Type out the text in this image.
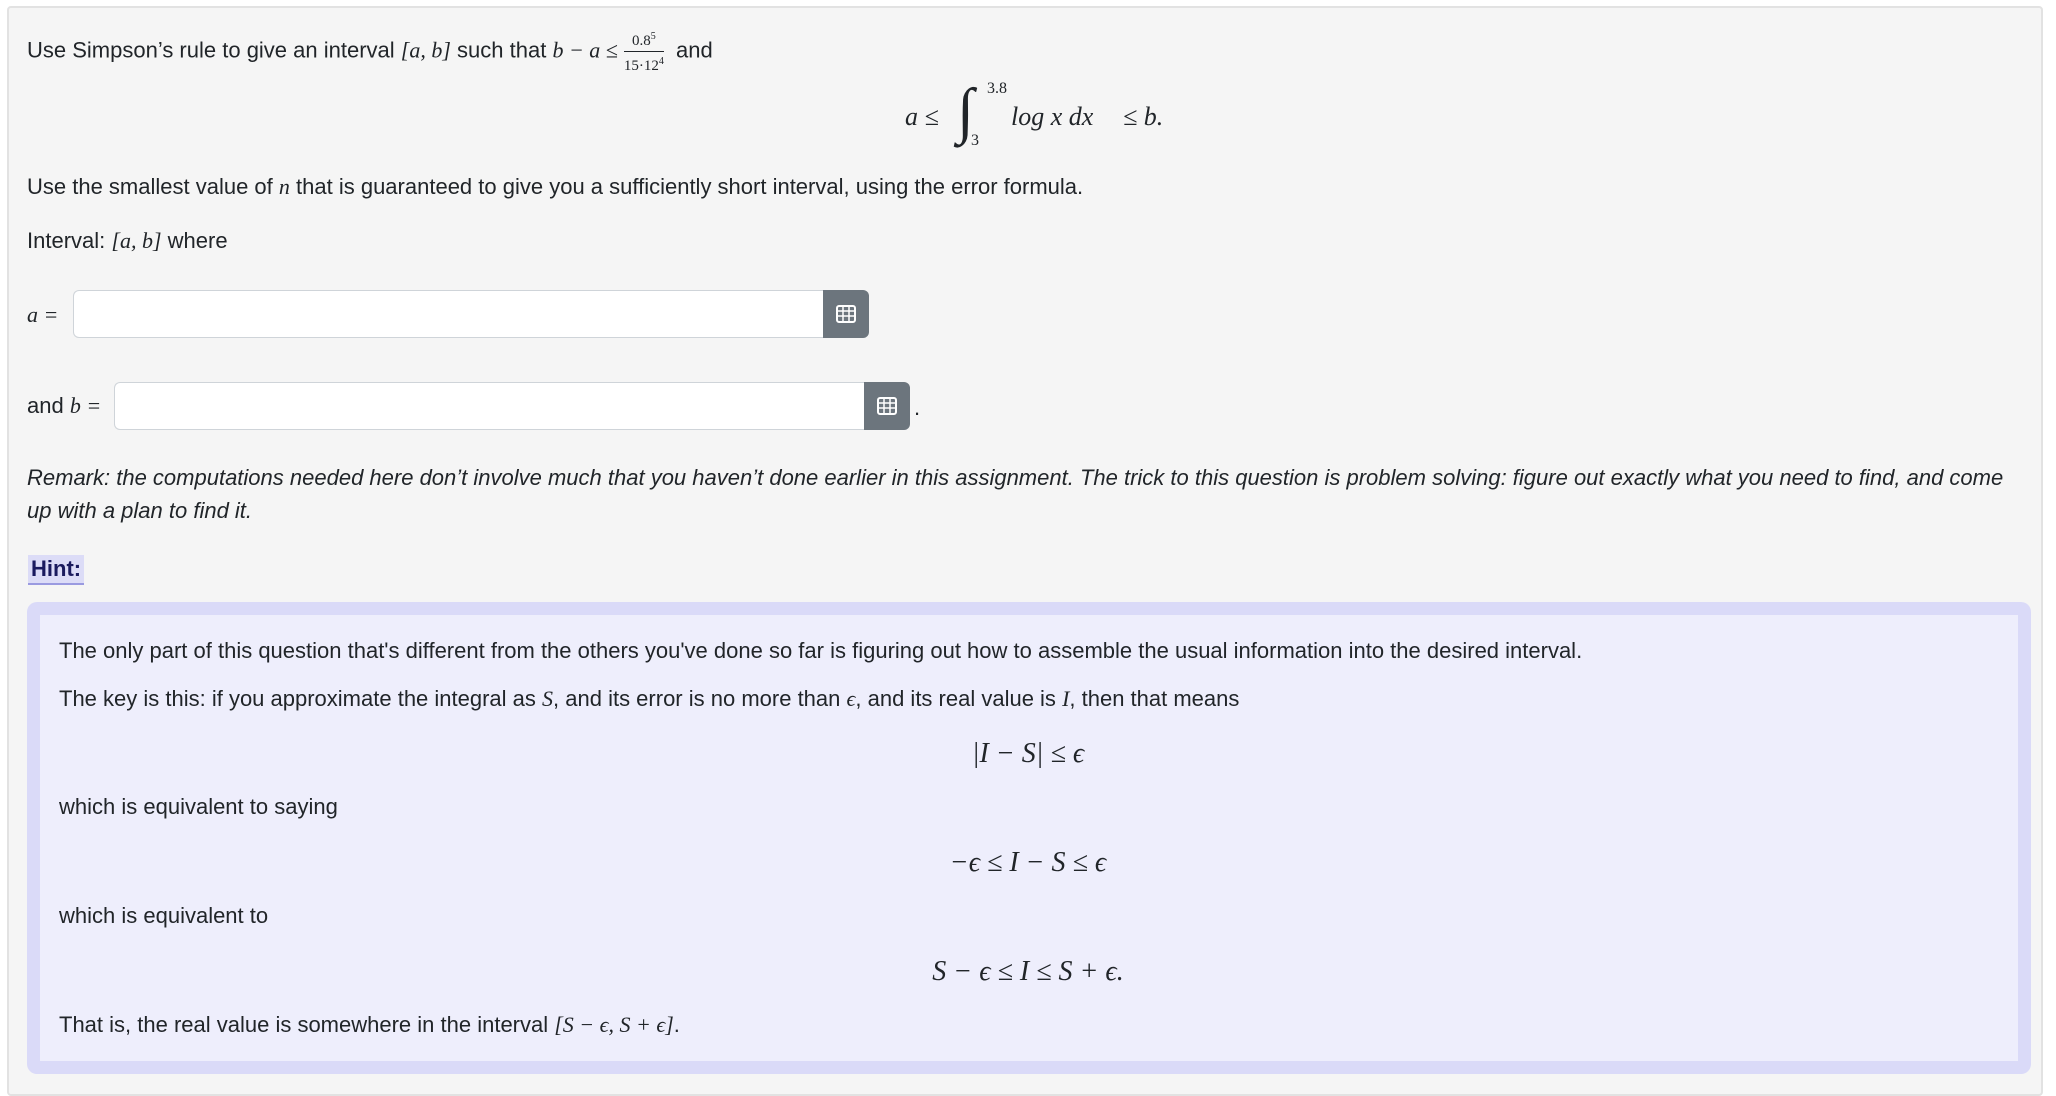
Use Simpson’s rule to give an interval [a, b] such that $b - a \le \frac{0.8^5}{15\cdot 12^4}$ and
a ≤ ∫ 3.8
3
log x dx ≤ b.
Use the smallest value of n that is guaranteed to give you a sufficiently short interval, using the error formula.
Interval: [a, b] where
a =
and b =	.
Remark: the computations needed here don’t involve much that you haven’t done earlier in this assignment. The trick to this question is problem solving: figure out exactly what you need to find, and come up with a plan to find it.
Hint:
The only part of this question that's different from the others you've done so far is figuring out how to assemble the usual information into the desired interval.
The key is this: if you approximate the integral as S, and its error is no more than ϵ, and its real value is I, then that means
|I − S| ≤ ϵ
which is equivalent to saying
−ϵ ≤ I − S ≤ ϵ
which is equivalent to
S − ϵ ≤ I ≤ S + ϵ.
That is, the real value is somewhere in the interval [S − ϵ, S + ϵ].
